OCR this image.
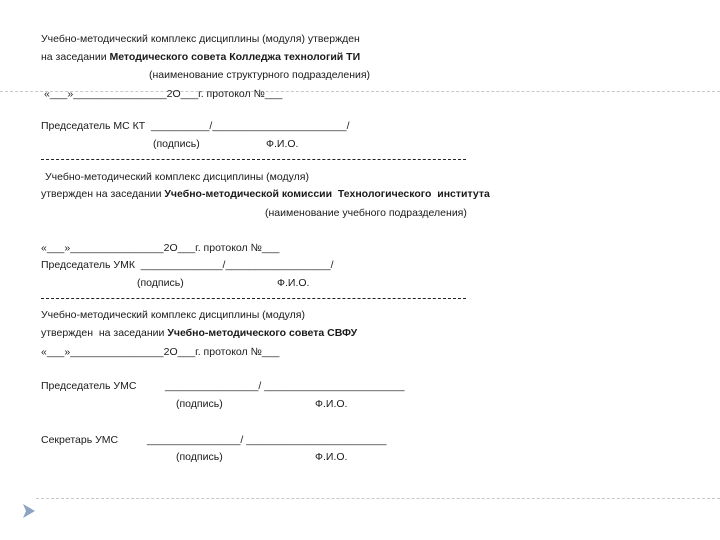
Учебно-методический комплекс дисциплины (модуля) утвержден
на заседании Методического совета Колледжа технологий ТИ
(наименование структурного подразделения)
«___»________________2О___г. протокол №___
Председатель МС КТ  __________/_______________________/
(подпись)	Ф.И.О.
Учебно-методический комплекс дисциплины (модуля)
утвержден на заседании Учебно-методической комиссии  Технологического  института
(наименование учебного подразделения)
«___»________________2О___г. протокол №___
Председатель УМК  ______________/__________________/
(подпись)	Ф.И.О.
Учебно-методический комплекс дисциплины (модуля)
утвержден  на заседании Учебно-методического совета СВФУ
«___»________________2О___г. протокол №___
Председатель УМС	________________/ ________________________
(подпись)	Ф.И.О.
Секретарь УМС	________________/ ________________________
(подпись)	Ф.И.О.
